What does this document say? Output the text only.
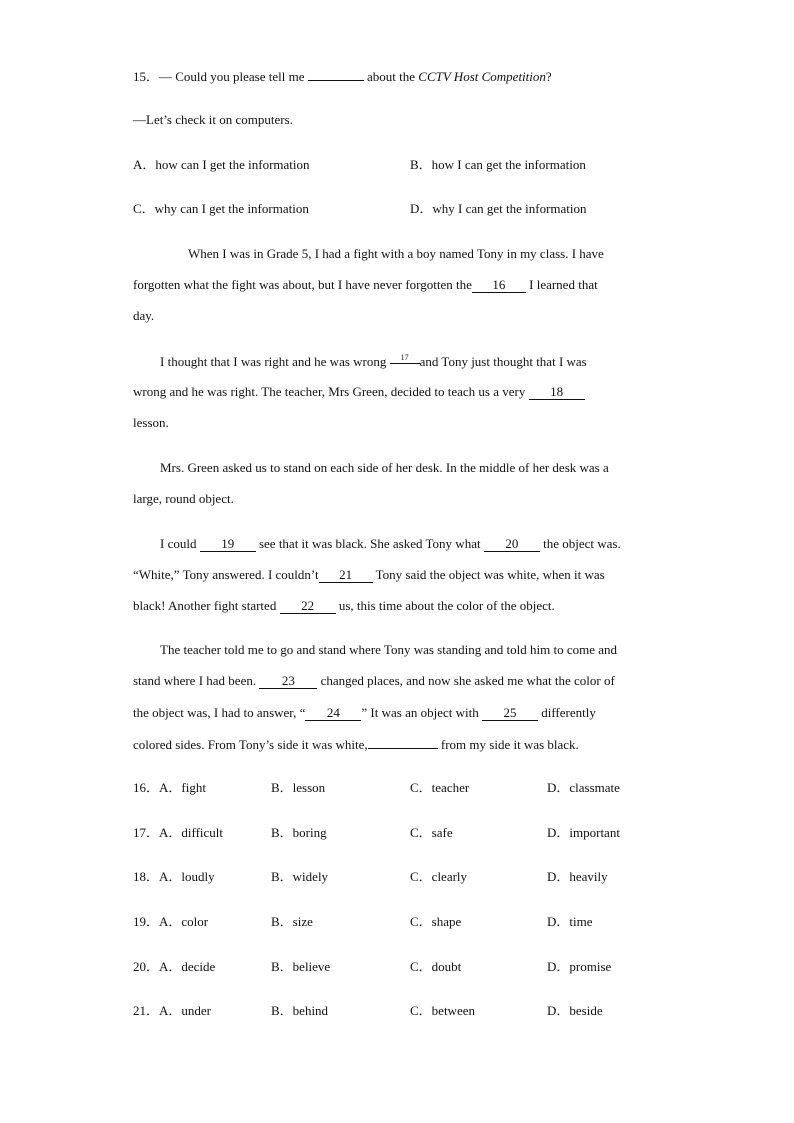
15．— Could you please tell me	about the CCTV Host Competition?
—Let’s check it on computers.
A．how can I get the information	B．how I can get the information
C．why can I get the information	D．why I can get the information
When I was in Grade 5, I had a fight with a boy named Tony in my class. I have
forgotten what the fight was about, but I have never forgotten the 16 I learned that
day.
I thought that I was right and he was wrong 17 and Tony just thought that I was
wrong and he was right. The teacher, Mrs Green, decided to teach us a very 18
lesson.
Mrs. Green asked us to stand on each side of her desk. In the middle of her desk was a
large, round object.
I could 19 see that it was black. She asked Tony what 20 the object was.
“White,” Tony answered. I couldn’t 21 Tony said the object was white, when it was
black! Another fight started 22 us, this time about the color of the object.
The teacher told me to go and stand where Tony was standing and told him to come and
stand where I had been. 23 changed places, and now she asked me what the color of
the object was, I had to answer, “ 24 ” It was an object with 25 differently
colored sides. From Tony’s side it was white,	from my side it was black.
16．A．fight	B．lesson	C．teacher	D．classmate
17．A．difficult	B．boring	C．safe	D．important
18．A．loudly	B．widely	C．clearly	D．heavily
19．A．color	B．size	C．shape	D．time
20．A．decide	B．believe	C．doubt	D．promise
21．A．under	B．behind	C．between	D．beside
